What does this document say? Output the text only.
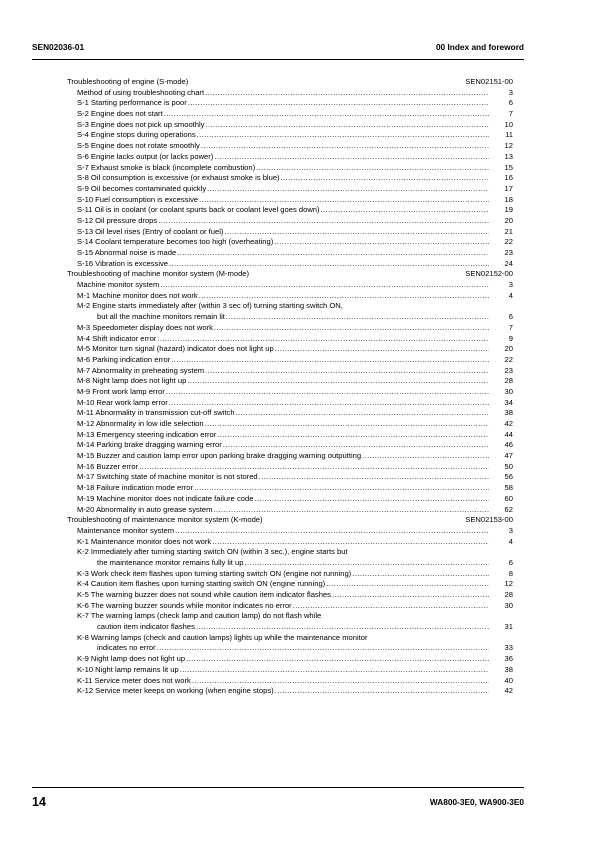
SEN02036-01	00 Index and foreword
Troubleshooting of engine (S-mode)	SEN02151-00
Method of using troubleshooting chart .....	3
S-1 Starting performance is poor .....	6
S-2 Engine does not start .....	7
S-3 Engine does not pick up smoothly .....	10
S-4 Engine stops during operations .....	11
S-5 Engine does not rotate smoothly .....	12
S-6 Engine lacks output (or lacks power) .....	13
S-7 Exhaust smoke is black (incomplete combustion) .....	15
S-8 Oil consumption is excessive (or exhaust smoke is blue) .....	16
S-9 Oil becomes contaminated quickly .....	17
S-10 Fuel consumption is excessive .....	18
S-11 Oil is in coolant (or coolant spurts back or coolant level goes down) .....	19
S-12 Oil pressure drops .....	20
S-13 Oil level rises (Entry of coolant or fuel) .....	21
S-14 Coolant temperature becomes too high (overheating) .....	22
S-15 Abnormal noise is made .....	23
S-16 Vibration is excessive .....	24
Troubleshooting of machine monitor system (M-mode)	SEN02152-00
Machine monitor system .....	3
M-1 Machine monitor does not work .....	4
M-2 Engine starts immediately after (within 3 sec of) turning starting switch ON,
but all the machine monitors remain lit .....	6
M-3 Speedometer display does not work .....	7
M-4 Shift indicator error .....	9
M-5 Monitor turn signal (hazard) indicator does not light up .....	20
M-6 Parking indication error .....	22
M-7 Abnormality in preheating system .....	23
M-8 Night lamp does not light up .....	28
M-9 Front work lamp error .....	30
M-10 Rear work lamp error .....	34
M-11 Abnormality in transmission cut-off switch .....	38
M-12 Abnormality in low idle selection .....	42
M-13 Emergency steering indication error .....	44
M-14 Parking brake dragging warning error .....	46
M-15 Buzzer and caution lamp error upon parking brake dragging warning outputting .....	47
M-16 Buzzer error .....	50
M-17 Switching state of machine monitor is not stored .....	56
M-18 Failure indication mode error .....	58
M-19 Machine monitor does not indicate failure code .....	60
M-20 Abnormality in auto grease system .....	62
Troubleshooting of maintenance monitor system (K-mode)	SEN02153-00
Maintenance monitor system .....	3
K-1 Maintenance monitor does not work .....	4
K-2 Immediately after turning starting switch ON (within 3 sec.), engine starts but
the maintenance monitor remains fully lit up .....	6
K-3 Work check item flashes upon turning starting switch ON (engine not running) .....	8
K-4 Caution item flashes upon turning starting switch ON (engine running) .....	12
K-5 The warning buzzer does not sound while caution item indicator flashes .....	28
K-6 The warning buzzer sounds while monitor indicates no error .....	30
K-7 The warning lamps (check lamp and caution lamp) do not flash while
caution item indicator flashes .....	31
K-8 Warning lamps (check and caution lamps) lights up while the maintenance monitor
indicates no error .....	33
K-9 Night lamp does not light up .....	36
K-10 Night lamp remains lit up .....	38
K-11 Service meter does not work .....	40
K-12 Service meter keeps on working (when engine stops) .....	42
14	WA800-3E0, WA900-3E0
